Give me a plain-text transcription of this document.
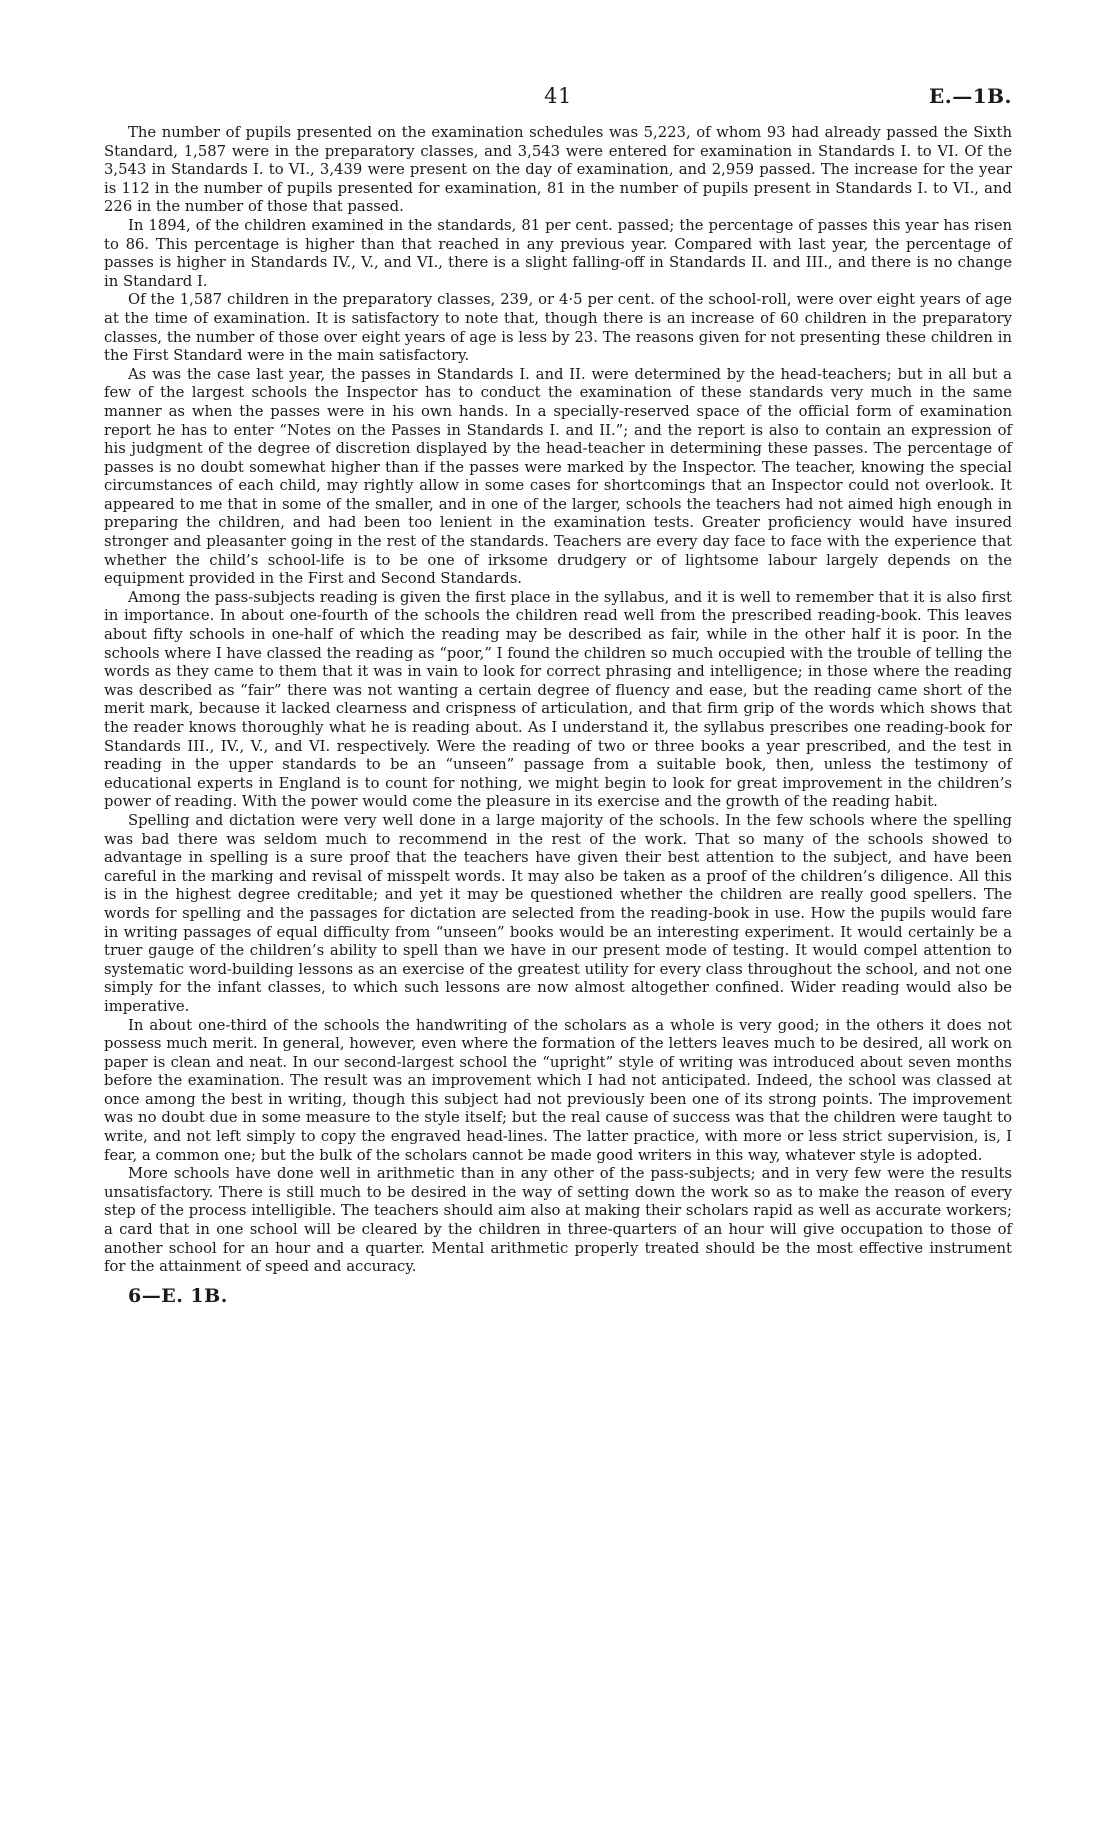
41	E.—1B.

The number of pupils presented on the examination schedules was 5,223, of whom 93 had already passed the Sixth Standard, 1,587 were in the preparatory classes, and 3,543 were entered for examination in Standards I. to VI. Of the 3,543 in Standards I. to VI., 3,439 were present on the day of examination, and 2,959 passed. The increase for the year is 112 in the number of pupils presented for examination, 81 in the number of pupils present in Standards I. to VI., and 226 in the number of those that passed.

In 1894, of the children examined in the standards, 81 per cent. passed; the percentage of passes this year has risen to 86. This percentage is higher than that reached in any previous year. Compared with last year, the percentage of passes is higher in Standards IV., V., and VI., there is a slight falling-off in Standards II. and III., and there is no change in Standard I.

Of the 1,587 children in the preparatory classes, 239, or 4·5 per cent. of the school-roll, were over eight years of age at the time of examination. It is satisfactory to note that, though there is an increase of 60 children in the preparatory classes, the number of those over eight years of age is less by 23. The reasons given for not presenting these children in the First Standard were in the main satisfactory.

As was the case last year, the passes in Standards I. and II. were determined by the head-teachers; but in all but a few of the largest schools the Inspector has to conduct the examination of these standards very much in the same manner as when the passes were in his own hands. In a specially-reserved space of the official form of examination report he has to enter “Notes on the Passes in Standards I. and II.”; and the report is also to contain an expression of his judgment of the degree of discretion displayed by the head-teacher in determining these passes. The percentage of passes is no doubt somewhat higher than if the passes were marked by the Inspector. The teacher, knowing the special circumstances of each child, may rightly allow in some cases for shortcomings that an Inspector could not overlook. It appeared to me that in some of the smaller, and in one of the larger, schools the teachers had not aimed high enough in preparing the children, and had been too lenient in the examination tests. Greater proficiency would have insured stronger and pleasanter going in the rest of the standards. Teachers are every day face to face with the experience that whether the child’s school-life is to be one of irksome drudgery or of lightsome labour largely depends on the equipment provided in the First and Second Standards.

Among the pass-subjects reading is given the first place in the syllabus, and it is well to remember that it is also first in importance. In about one-fourth of the schools the children read well from the prescribed reading-book. This leaves about fifty schools in one-half of which the reading may be described as fair, while in the other half it is poor. In the schools where I have classed the reading as “poor,” I found the children so much occupied with the trouble of telling the words as they came to them that it was in vain to look for correct phrasing and intelligence; in those where the reading was described as “fair” there was not wanting a certain degree of fluency and ease, but the reading came short of the merit mark, because it lacked clearness and crispness of articulation, and that firm grip of the words which shows that the reader knows thoroughly what he is reading about. As I understand it, the syllabus prescribes one reading-book for Standards III., IV., V., and VI. respectively. Were the reading of two or three books a year prescribed, and the test in reading in the upper standards to be an “unseen” passage from a suitable book, then, unless the testimony of educational experts in England is to count for nothing, we might begin to look for great improvement in the children’s power of reading. With the power would come the pleasure in its exercise and the growth of the reading habit.

Spelling and dictation were very well done in a large majority of the schools. In the few schools where the spelling was bad there was seldom much to recommend in the rest of the work. That so many of the schools showed to advantage in spelling is a sure proof that the teachers have given their best attention to the subject, and have been careful in the marking and revisal of misspelt words. It may also be taken as a proof of the children’s diligence. All this is in the highest degree creditable; and yet it may be questioned whether the children are really good spellers. The words for spelling and the passages for dictation are selected from the reading-book in use. How the pupils would fare in writing passages of equal difficulty from “unseen” books would be an interesting experiment. It would certainly be a truer gauge of the children’s ability to spell than we have in our present mode of testing. It would compel attention to systematic word-building lessons as an exercise of the greatest utility for every class throughout the school, and not one simply for the infant classes, to which such lessons are now almost altogether confined. Wider reading would also be imperative.

In about one-third of the schools the handwriting of the scholars as a whole is very good; in the others it does not possess much merit. In general, however, even where the formation of the letters leaves much to be desired, all work on paper is clean and neat. In our second-largest school the “upright” style of writing was introduced about seven months before the examination. The result was an improvement which I had not anticipated. Indeed, the school was classed at once among the best in writing, though this subject had not previously been one of its strong points. The improvement was no doubt due in some measure to the style itself; but the real cause of success was that the children were taught to write, and not left simply to copy the engraved head-lines. The latter practice, with more or less strict supervision, is, I fear, a common one; but the bulk of the scholars cannot be made good writers in this way, whatever style is adopted.

More schools have done well in arithmetic than in any other of the pass-subjects; and in very few were the results unsatisfactory. There is still much to be desired in the way of setting down the work so as to make the reason of every step of the process intelligible. The teachers should aim also at making their scholars rapid as well as accurate workers; a card that in one school will be cleared by the children in three-quarters of an hour will give occupation to those of another school for an hour and a quarter. Mental arithmetic properly treated should be the most effective instrument for the attainment of speed and accuracy.

6—E. 1B.
